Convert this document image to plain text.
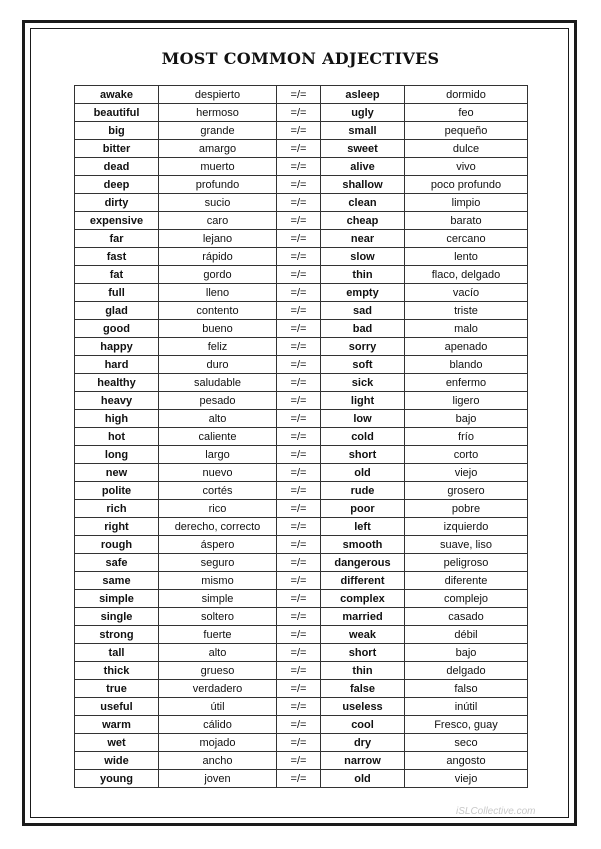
MOST COMMON ADJECTIVES
awake	despierto	=/=	asleep	dormido
beautiful	hermoso	=/=	ugly	feo
big	grande	=/=	small	pequeño
bitter	amargo	=/=	sweet	dulce
dead	muerto	=/=	alive	vivo
deep	profundo	=/=	shallow	poco profundo
dirty	sucio	=/=	clean	limpio
expensive	caro	=/=	cheap	barato
far	lejano	=/=	near	cercano
fast	rápido	=/=	slow	lento
fat	gordo	=/=	thin	flaco, delgado
full	lleno	=/=	empty	vacío
glad	contento	=/=	sad	triste
good	bueno	=/=	bad	malo
happy	feliz	=/=	sorry	apenado
hard	duro	=/=	soft	blando
healthy	saludable	=/=	sick	enfermo
heavy	pesado	=/=	light	ligero
high	alto	=/=	low	bajo
hot	caliente	=/=	cold	frío
long	largo	=/=	short	corto
new	nuevo	=/=	old	viejo
polite	cortés	=/=	rude	grosero
rich	rico	=/=	poor	pobre
right	derecho, correcto	=/=	left	izquierdo
rough	áspero	=/=	smooth	suave, liso
safe	seguro	=/=	dangerous	peligroso
same	mismo	=/=	different	diferente
simple	simple	=/=	complex	complejo
single	soltero	=/=	married	casado
strong	fuerte	=/=	weak	débil
tall	alto	=/=	short	bajo
thick	grueso	=/=	thin	delgado
true	verdadero	=/=	false	falso
useful	útil	=/=	useless	inútil
warm	cálido	=/=	cool	Fresco, guay
wet	mojado	=/=	dry	seco
wide	ancho	=/=	narrow	angosto
young	joven	=/=	old	viejo
iSLCollective.com
